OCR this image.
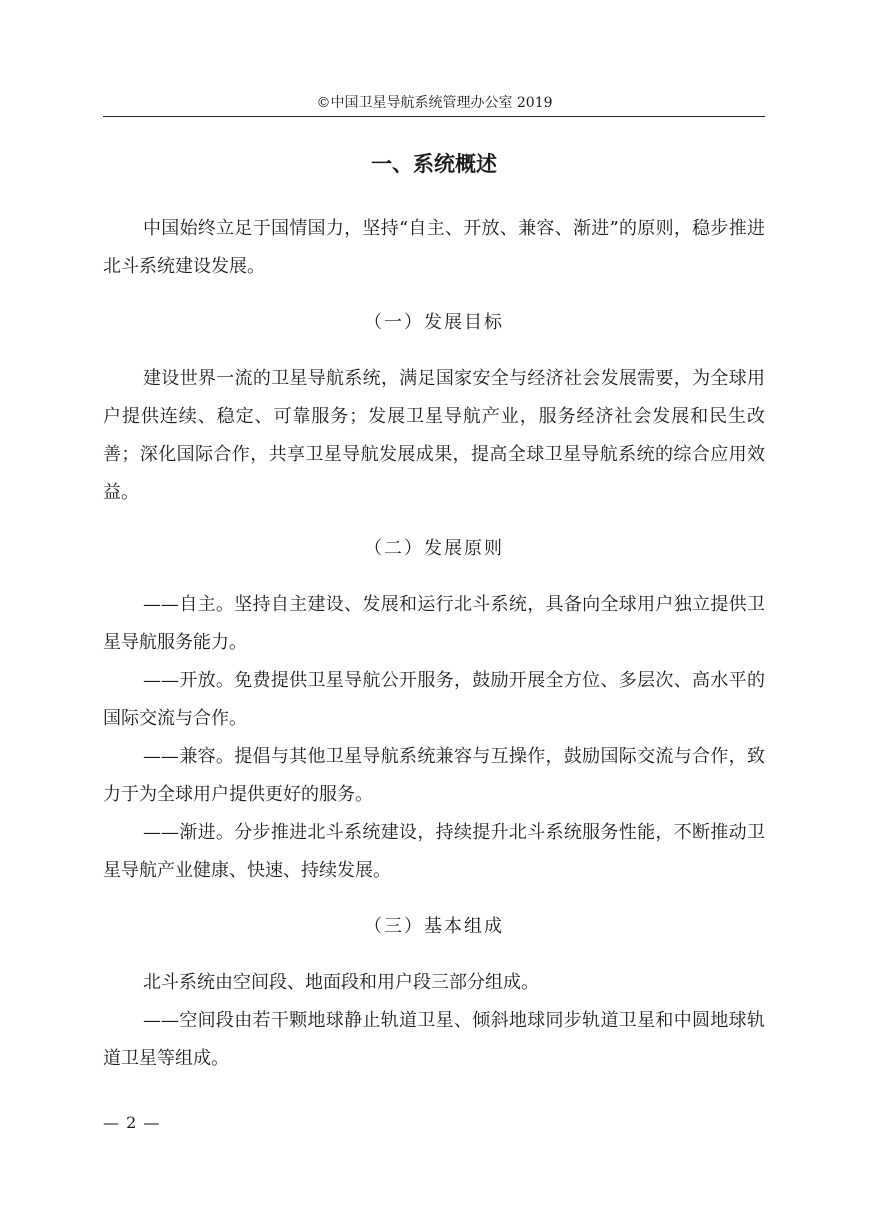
©中国卫星导航系统管理办公室 2019
一、系统概述

中国始终立足于国情国力，坚持“自主、开放、兼容、渐进”的原则，稳步推进北斗系统建设发展。

（一）发展目标

建设世界一流的卫星导航系统，满足国家安全与经济社会发展需要，为全球用户提供连续、稳定、可靠服务；发展卫星导航产业，服务经济社会发展和民生改善；深化国际合作，共享卫星导航发展成果，提高全球卫星导航系统的综合应用效益。

（二）发展原则

——自主。坚持自主建设、发展和运行北斗系统，具备向全球用户独立提供卫星导航服务能力。

——开放。免费提供卫星导航公开服务，鼓励开展全方位、多层次、高水平的国际交流与合作。

——兼容。提倡与其他卫星导航系统兼容与互操作，鼓励国际交流与合作，致力于为全球用户提供更好的服务。

——渐进。分步推进北斗系统建设，持续提升北斗系统服务性能，不断推动卫星导航产业健康、快速、持续发展。

（三）基本组成

北斗系统由空间段、地面段和用户段三部分组成。

——空间段由若干颗地球静止轨道卫星、倾斜地球同步轨道卫星和中圆地球轨道卫星等组成。

— 2 —
